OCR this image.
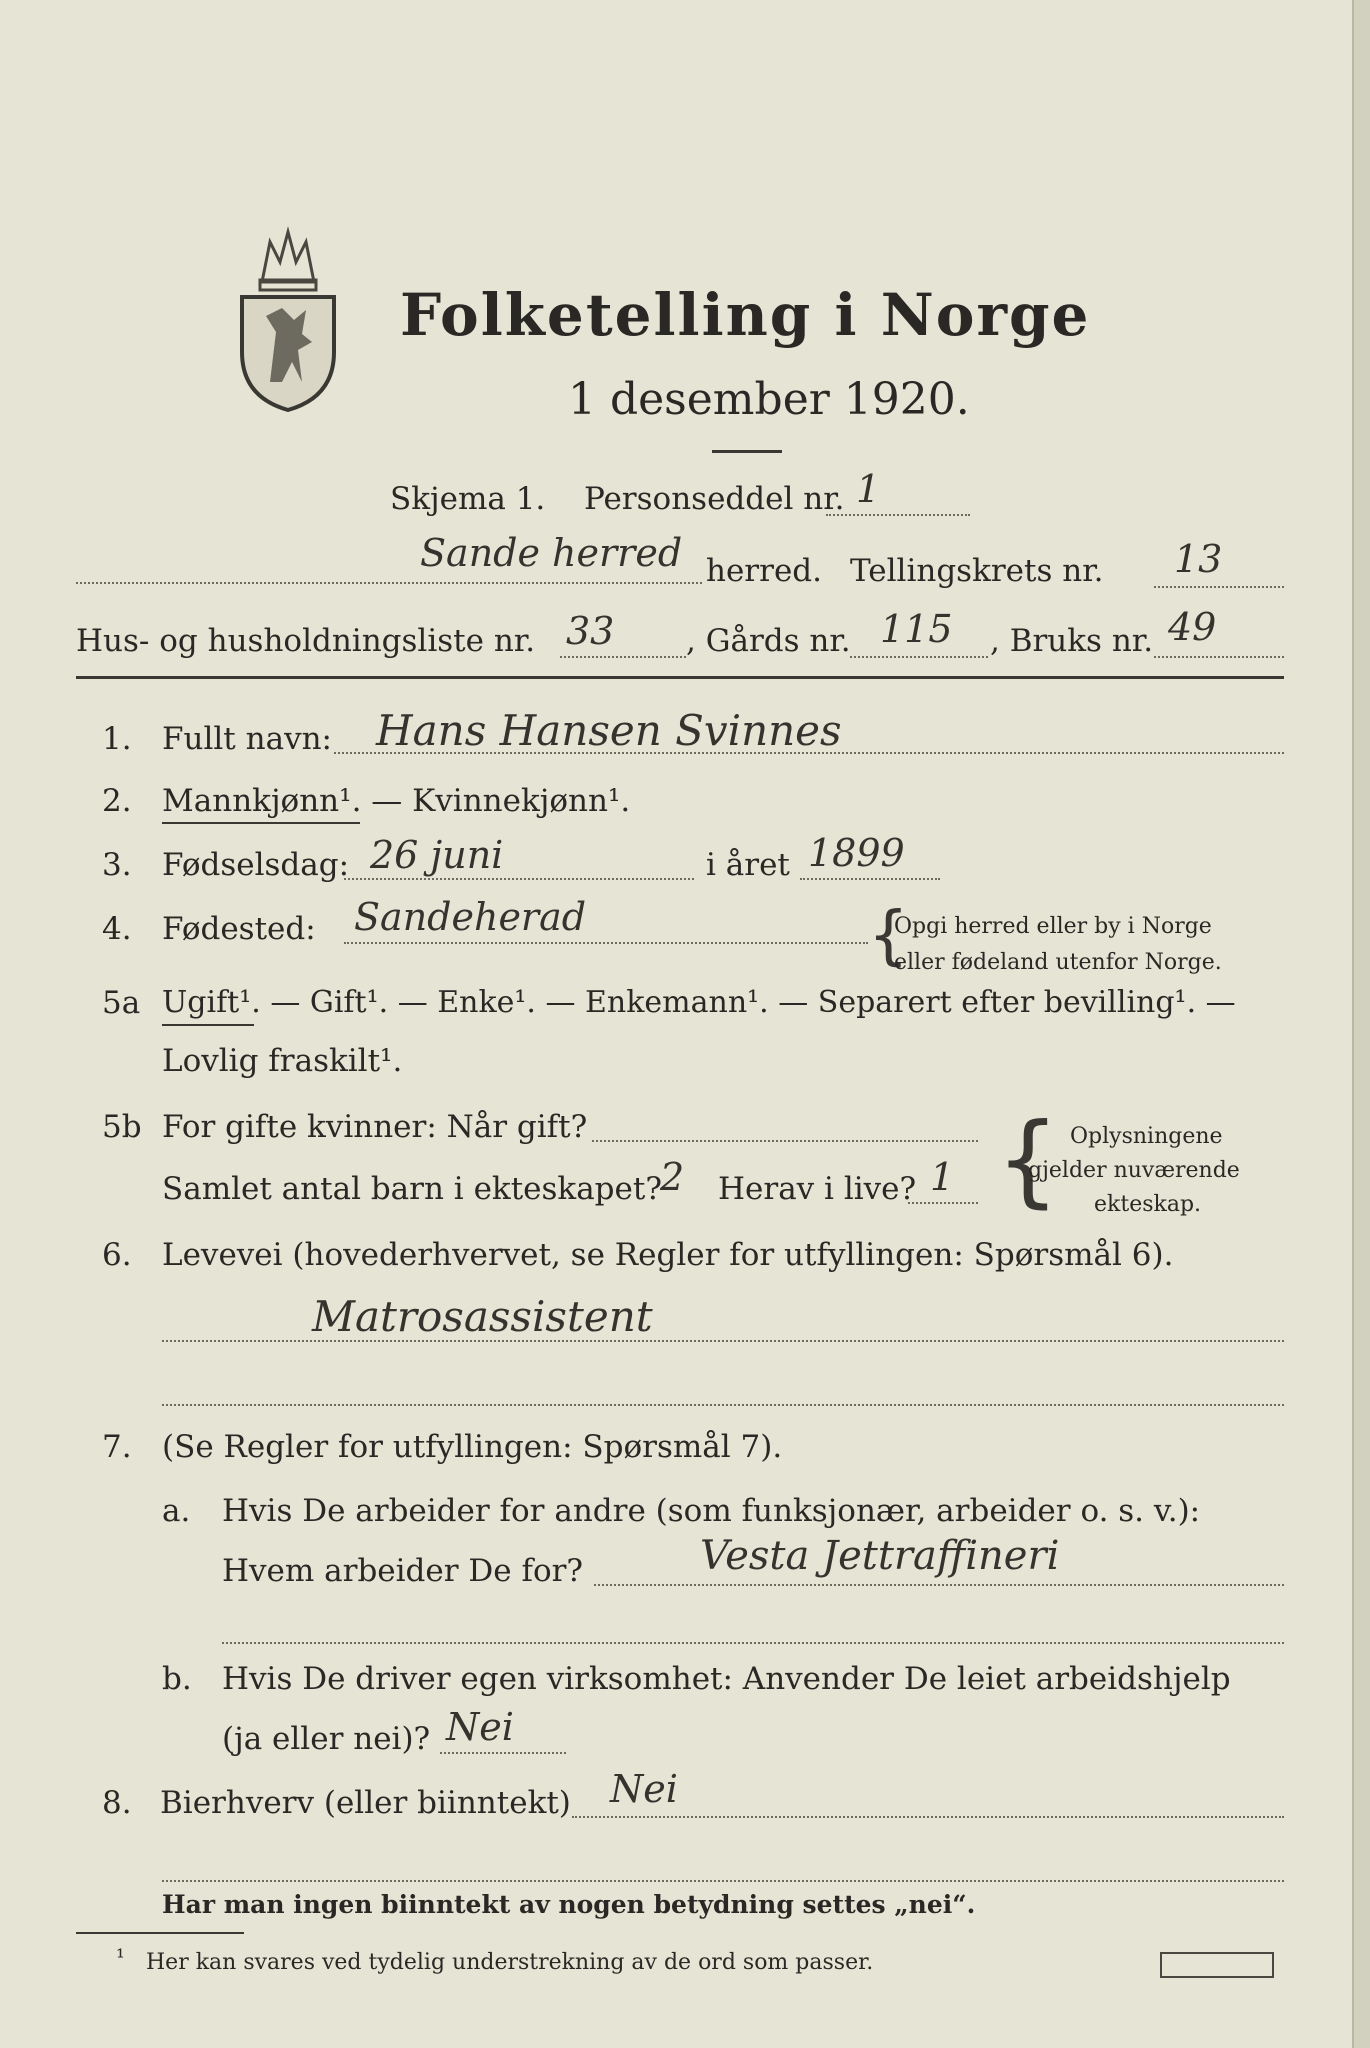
Folketelling i Norge
1 desember 1920.
Skjema 1. Personseddel nr. 1
Sande herred herred. Tellingskrets nr. 13
Hus- og husholdningsliste nr. 33 , Gårds nr. 115 , Bruks nr. 49
1. Fullt navn: Hans Hansen Svinnes
2. Mannkjønn¹. — Kvinnekjønn¹.
3. Fødselsdag: 26 juni	i året 1899
4. Fødested: Sandeherad	{
Opgi herred eller by i Norge
eller fødeland utenfor Norge.
5a Ugift¹. — Gift¹. — Enke¹. — Enkemann¹. — Separert efter bevilling¹. —
Lovlig fraskilt¹.
5b For gifte kvinner: Når gift?
Samlet antal barn i ekteskapet?
2 Herav i live? 1 { Oplysningene
gjelder nuværende
ekteskap.
6. Levevei (hovederhvervet, se Regler for utfyllingen: Spørsmål 6).
Matrosassistent
7. (Se Regler for utfyllingen: Spørsmål 7).
a. Hvis De arbeider for andre (som funksjonær, arbeider o. s. v.):
Hvem arbeider De for?	Vesta Jettraffineri
b. Hvis De driver egen virksomhet: Anvender De leiet arbeidshjelp
(ja eller nei)? Nei
8. Bierhverv (eller biinntekt) Nei
Har man ingen biinntekt av nogen betydning settes „nei“.
¹ Her kan svares ved tydelig understrekning av de ord som passer.
